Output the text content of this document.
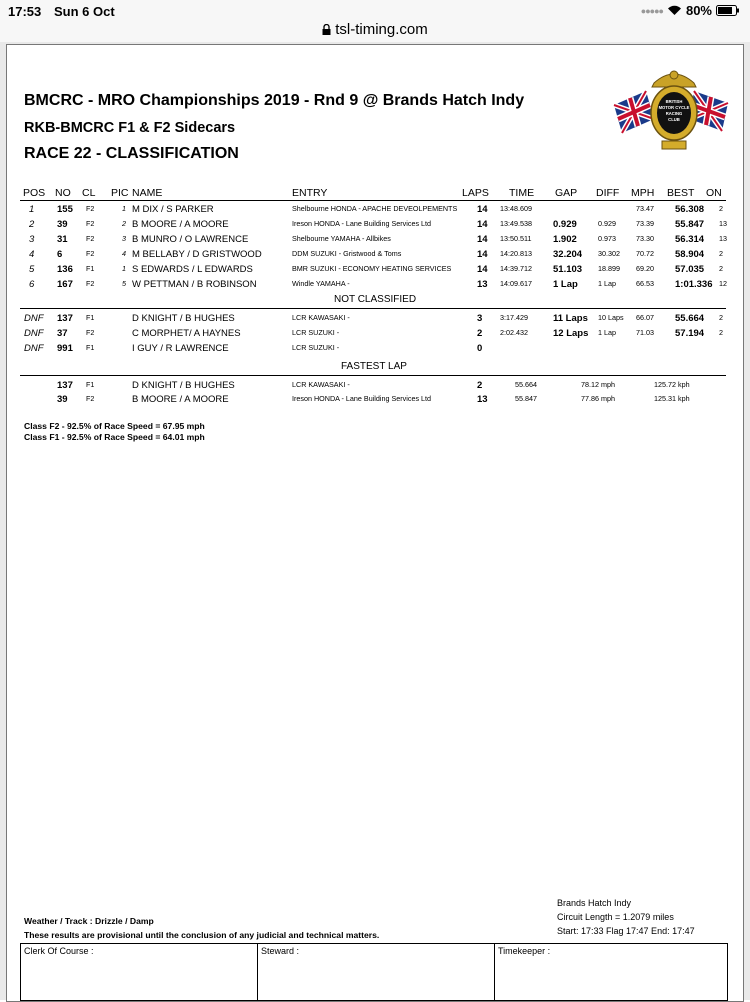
17:53 Sun 6 Oct	●●●●● 80%
tsl-timing.com
BMCRC - MRO Championships 2019 - Rnd 9 @ Brands Hatch Indy
RKB-BMCRC F1 & F2 Sidecars
RACE 22 - CLASSIFICATION
BRITISH
MOTOR CYCLE
RACING
CLUB
POS NO CL PIC NAME	ENTRY	LAPS TIME GAP DIFF MPH BEST ON
1 155 F2	1 M DIX / S PARKER	Shelbourne HONDA - APACHE DEVEOLPEMENTS 14 13:48.609	73.47 56.308 2
2 39	F2	2 B MOORE / A MOORE	Ireson HONDA - Lane Building Services Ltd	14 13:49.538 0.929	0.929	73.39 55.847 13
3 31	F2	3 B MUNRO / O LAWRENCE	Shelbourne YAMAHA - Allbikes	14 13:50.511 1.902	0.973	73.30 56.314 13
4 6	F2	4 M BELLABY / D GRISTWOOD	DDM SUZUKI - Gristwood & Toms	14 14:20.813 32.204 30.302 70.72 58.904 2
5 136 F1	1 S EDWARDS / L EDWARDS	BMR SUZUKI - ECONOMY HEATING SERVICES	14 14:39.712 51.103 18.899 69.20 57.035 2
6 167 F2	5 W PETTMAN / B ROBINSON	Windle YAMAHA -	13 14:09.617 1 Lap	1 Lap	66.53 1:01.336 12
NOT CLASSIFIED
DNF 137 F1	D KNIGHT / B HUGHES	LCR KAWASAKI -	3 3:17.429	11 Laps 10 Laps 66.07 55.664 2
DNF 37	F2	C MORPHET/ A HAYNES	LCR SUZUKI -	2 2:02.432	12 Laps 1 Lap	71.03 57.194 2
DNF 991 F1	I GUY / R LAWRENCE	LCR SUZUKI -	0
FASTEST LAP
137 F1	D KNIGHT / B HUGHES	LCR KAWASAKI -	2	55.664	78.12 mph	125.72 kph
39	F2	B MOORE / A MOORE	Ireson HONDA - Lane Building Services Ltd	13	55.847	77.86 mph	125.31 kph
Class F2 - 92.5% of Race Speed = 67.95 mph
Class F1 - 92.5% of Race Speed = 64.01 mph
Brands Hatch Indy
Circuit Length = 1.2079 miles
Start: 17:33 Flag 17:47 End: 17:47
Weather / Track : Drizzle / Damp
These results are provisional until the conclusion of any judicial and technical matters.
Clerk Of Course :	Steward :	Timekeeper :
